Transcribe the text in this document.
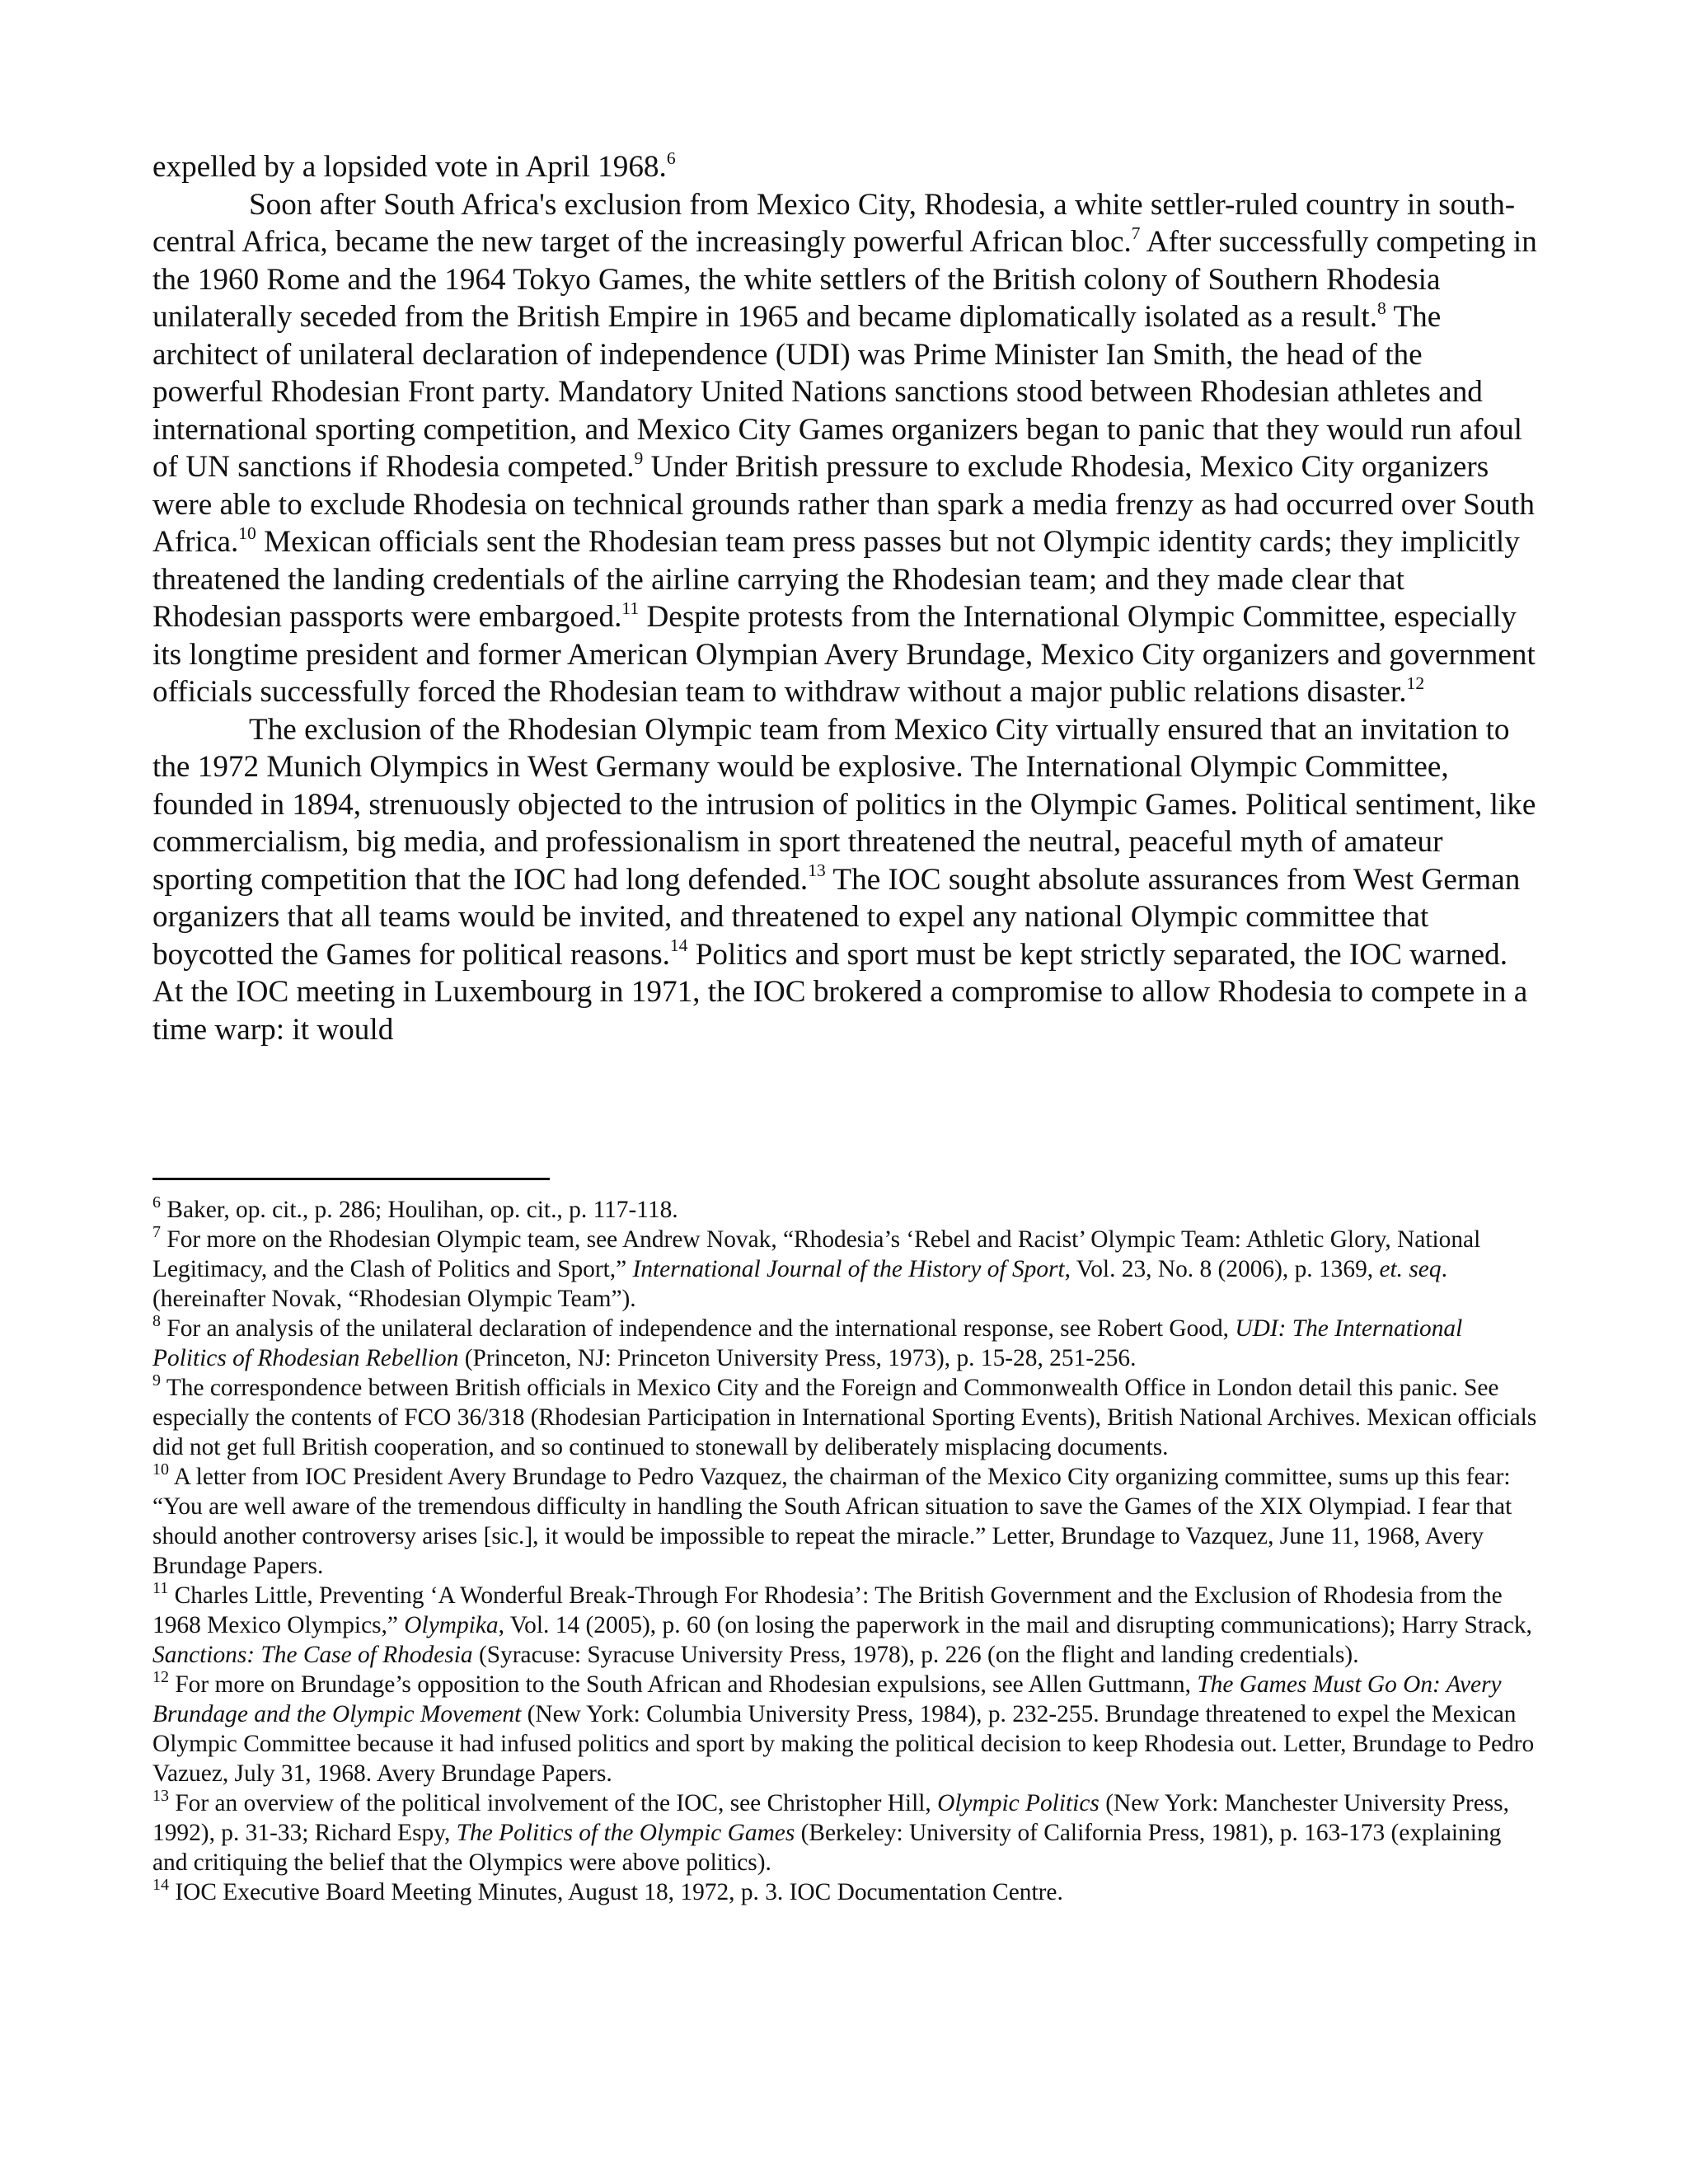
expelled by a lopsided vote in April 1968.$^6$

Soon after South Africa's exclusion from Mexico City, Rhodesia, a white settler-ruled country in south-central Africa, became the new target of the increasingly powerful African bloc.$^7$ After successfully competing in the 1960 Rome and the 1964 Tokyo Games, the white settlers of the British colony of Southern Rhodesia unilaterally seceded from the British Empire in 1965 and became diplomatically isolated as a result.$^8$ The architect of unilateral declaration of independence (UDI) was Prime Minister Ian Smith, the head of the powerful Rhodesian Front party. Mandatory United Nations sanctions stood between Rhodesian athletes and international sporting competition, and Mexico City Games organizers began to panic that they would run afoul of UN sanctions if Rhodesia competed.$^9$ Under British pressure to exclude Rhodesia, Mexico City organizers were able to exclude Rhodesia on technical grounds rather than spark a media frenzy as had occurred over South Africa.$^{10}$ Mexican officials sent the Rhodesian team press passes but not Olympic identity cards; they implicitly threatened the landing credentials of the airline carrying the Rhodesian team; and they made clear that Rhodesian passports were embargoed.$^{11}$ Despite protests from the International Olympic Committee, especially its longtime president and former American Olympian Avery Brundage, Mexico City organizers and government officials successfully forced the Rhodesian team to withdraw without a major public relations disaster.$^{12}$

The exclusion of the Rhodesian Olympic team from Mexico City virtually ensured that an invitation to the 1972 Munich Olympics in West Germany would be explosive. The International Olympic Committee, founded in 1894, strenuously objected to the intrusion of politics in the Olympic Games. Political sentiment, like commercialism, big media, and professionalism in sport threatened the neutral, peaceful myth of amateur sporting competition that the IOC had long defended.$^{13}$ The IOC sought absolute assurances from West German organizers that all teams would be invited, and threatened to expel any national Olympic committee that boycotted the Games for political reasons.$^{14}$ Politics and sport must be kept strictly separated, the IOC warned. At the IOC meeting in Luxembourg in 1971, the IOC brokered a compromise to allow Rhodesia to compete in a time warp: it would

$^6$ Baker, op. cit., p. 286; Houlihan, op. cit., p. 117-118.

$^7$ For more on the Rhodesian Olympic team, see Andrew Novak, “Rhodesia’s ‘Rebel and Racist’ Olympic Team: Athletic Glory, National Legitimacy, and the Clash of Politics and Sport,” International Journal of the History of Sport, Vol. 23, No. 8 (2006), p. 1369, et. seq. (hereinafter Novak, “Rhodesian Olympic Team”).

$^8$ For an analysis of the unilateral declaration of independence and the international response, see Robert Good, UDI: The International Politics of Rhodesian Rebellion (Princeton, NJ: Princeton University Press, 1973), p. 15-28, 251-256.

$^9$ The correspondence between British officials in Mexico City and the Foreign and Commonwealth Office in London detail this panic. See especially the contents of FCO 36/318 (Rhodesian Participation in International Sporting Events), British National Archives. Mexican officials did not get full British cooperation, and so continued to stonewall by deliberately misplacing documents.

$^{10}$ A letter from IOC President Avery Brundage to Pedro Vazquez, the chairman of the Mexico City organizing committee, sums up this fear: “You are well aware of the tremendous difficulty in handling the South African situation to save the Games of the XIX Olympiad. I fear that should another controversy arises [sic.], it would be impossible to repeat the miracle.” Letter, Brundage to Vazquez, June 11, 1968, Avery Brundage Papers.

$^{11}$ Charles Little, Preventing ‘A Wonderful Break-Through For Rhodesia’: The British Government and the Exclusion of Rhodesia from the 1968 Mexico Olympics,” Olympika, Vol. 14 (2005), p. 60 (on losing the paperwork in the mail and disrupting communications); Harry Strack, Sanctions: The Case of Rhodesia (Syracuse: Syracuse University Press, 1978), p. 226 (on the flight and landing credentials).

$^{12}$ For more on Brundage’s opposition to the South African and Rhodesian expulsions, see Allen Guttmann, The Games Must Go On: Avery Brundage and the Olympic Movement (New York: Columbia University Press, 1984), p. 232-255. Brundage threatened to expel the Mexican Olympic Committee because it had infused politics and sport by making the political decision to keep Rhodesia out. Letter, Brundage to Pedro Vazuez, July 31, 1968. Avery Brundage Papers.

$^{13}$ For an overview of the political involvement of the IOC, see Christopher Hill, Olympic Politics (New York: Manchester University Press, 1992), p. 31-33; Richard Espy, The Politics of the Olympic Games (Berkeley: University of California Press, 1981), p. 163-173 (explaining and critiquing the belief that the Olympics were above politics).

$^{14}$ IOC Executive Board Meeting Minutes, August 18, 1972, p. 3. IOC Documentation Centre.
